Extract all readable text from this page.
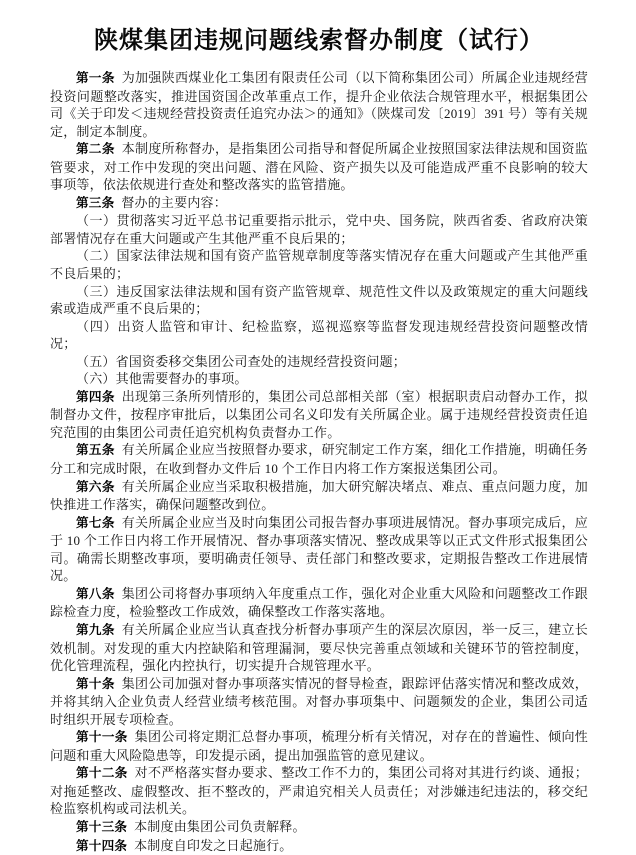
陕煤集团违规问题线索督办制度（试行）

第一条 为加强陕西煤业化工集团有限责任公司（以下简称集团公司）所属企业违规经营投资问题整改落实，推进国资国企改革重点工作，提升企业依法合规管理水平，根据集团公司《关于印发＜违规经营投资责任追究办法＞的通知》（陕煤司发〔2019〕391 号）等有关规定，制定本制度。

第二条 本制度所称督办，是指集团公司指导和督促所属企业按照国家法律法规和国资监管要求，对工作中发现的突出问题、潜在风险、资产损失以及可能造成严重不良影响的较大事项等，依法依规进行查处和整改落实的监管措施。

第三条 督办的主要内容：

（一）贯彻落实习近平总书记重要指示批示，党中央、国务院，陕西省委、省政府决策部署情况存在重大问题或产生其他严重不良后果的；

（二）国家法律法规和国有资产监管规章制度等落实情况存在重大问题或产生其他严重不良后果的；

（三）违反国家法律法规和国有资产监管规章、规范性文件以及政策规定的重大问题线索或造成严重不良后果的；

（四）出资人监管和审计、纪检监察，巡视巡察等监督发现违规经营投资问题整改情况；

（五）省国资委移交集团公司查处的违规经营投资问题；

（六）其他需要督办的事项。

第四条 出现第三条所列情形的，集团公司总部相关部（室）根据职责启动督办工作，拟制督办文件，按程序审批后，以集团公司名义印发有关所属企业。属于违规经营投资责任追究范围的由集团公司责任追究机构负责督办工作。

第五条 有关所属企业应当按照督办要求，研究制定工作方案，细化工作措施，明确任务分工和完成时限，在收到督办文件后 10 个工作日内将工作方案报送集团公司。

第六条 有关所属企业应当采取积极措施，加大研究解决堵点、难点、重点问题力度，加快推进工作落实，确保问题整改到位。

第七条 有关所属企业应当及时向集团公司报告督办事项进展情况。督办事项完成后，应于 10 个工作日内将工作开展情况、督办事项落实情况、整改成果等以正式文件形式报集团公司。确需长期整改事项，要明确责任领导、责任部门和整改要求，定期报告整改工作进展情况。

第八条 集团公司将督办事项纳入年度重点工作，强化对企业重大风险和问题整改工作跟踪检查力度，检验整改工作成效，确保整改工作落实落地。

第九条 有关所属企业应当认真查找分析督办事项产生的深层次原因，举一反三，建立长效机制。对发现的重大内控缺陷和管理漏洞，要尽快完善重点领域和关键环节的管控制度，优化管理流程，强化内控执行，切实提升合规管理水平。

第十条 集团公司加强对督办事项落实情况的督导检查，跟踪评估落实情况和整改成效，并将其纳入企业负责人经营业绩考核范围。对督办事项集中、问题频发的企业，集团公司适时组织开展专项检查。

第十一条 集团公司将定期汇总督办事项，梳理分析有关情况，对存在的普遍性、倾向性问题和重大风险隐患等，印发提示函，提出加强监管的意见建议。

第十二条 对不严格落实督办要求、整改工作不力的，集团公司将对其进行约谈、通报；对拖延整改、虚假整改、拒不整改的，严肃追究相关人员责任；对涉嫌违纪违法的，移交纪检监察机构或司法机关。

第十三条 本制度由集团公司负责解释。

第十四条 本制度自印发之日起施行。
